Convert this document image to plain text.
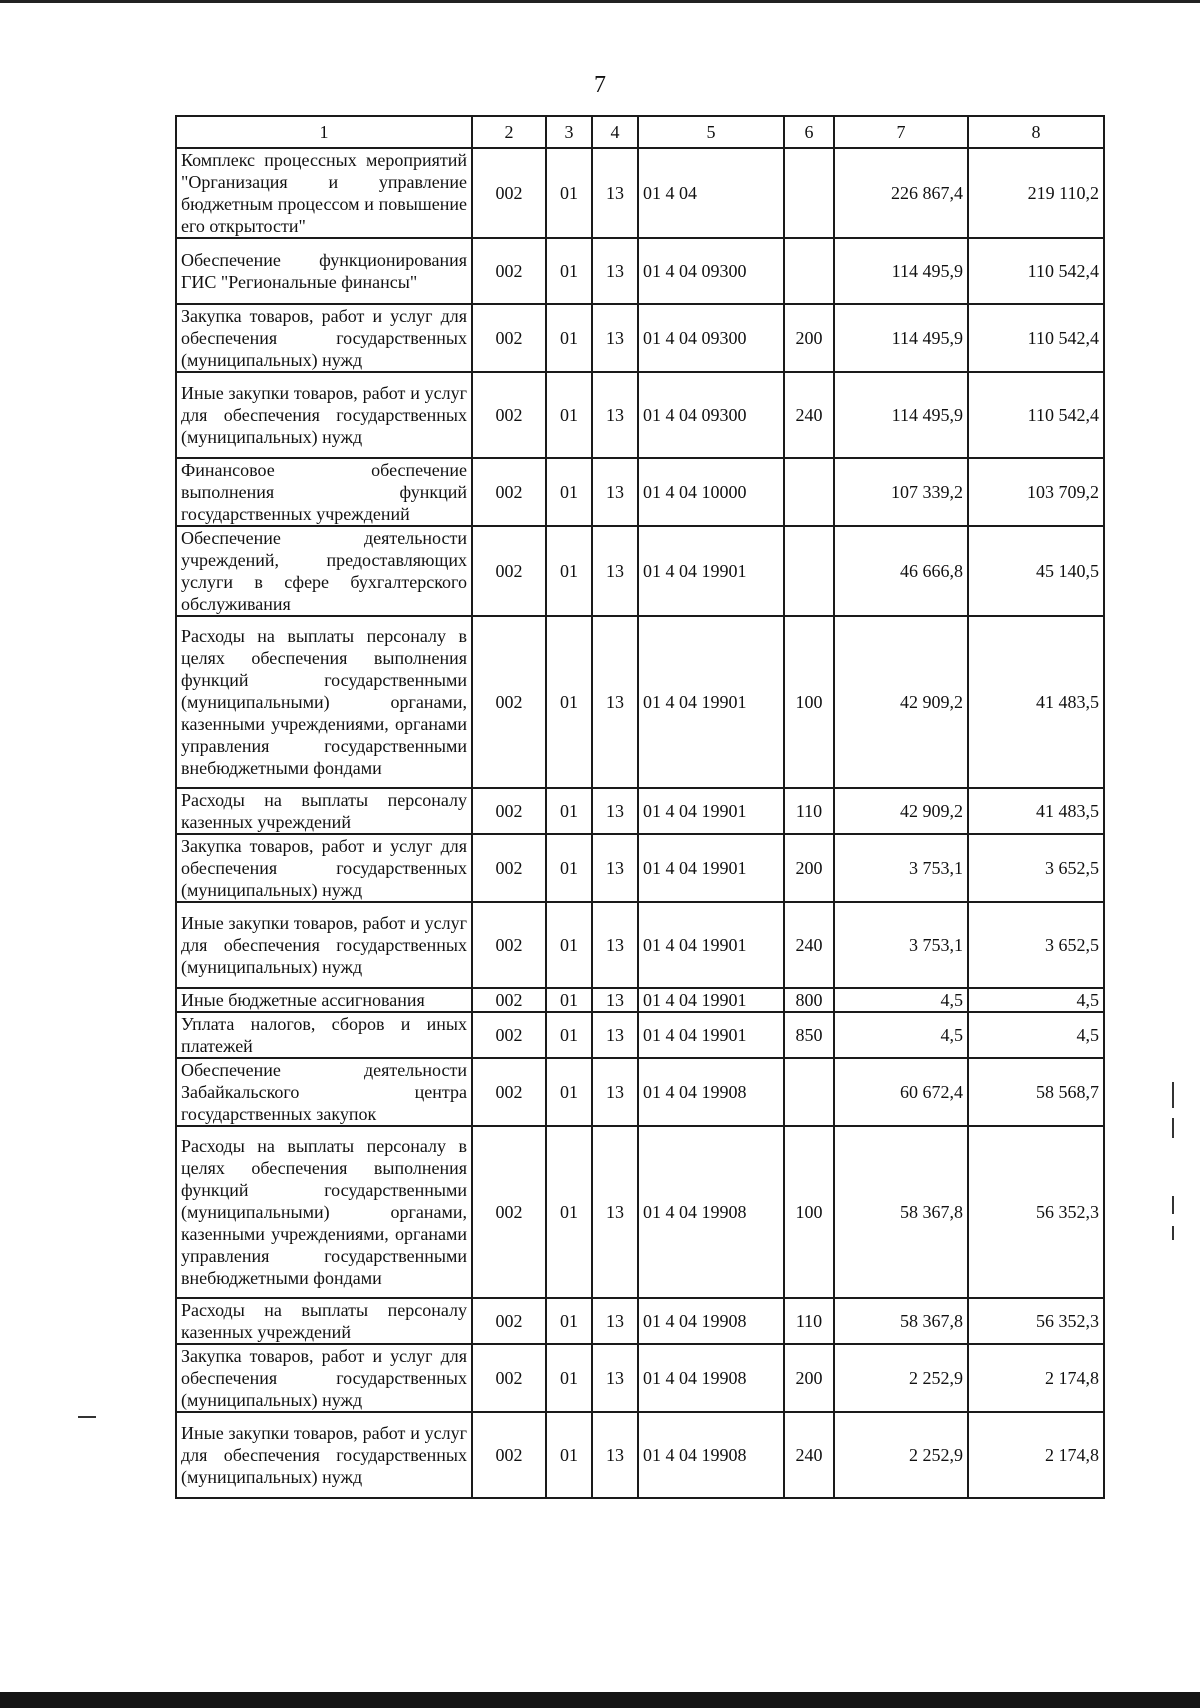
7
1	2	3	4	5	6	7	8
Комплекс процессных мероприятий "Организация и управление бюджетным процессом и повышение его открытости"	002	01	13	01 4 04		226 867,4	219 110,2
Обеспечение функционирования ГИС "Региональные финансы"	002	01	13	01 4 04 09300		114 495,9	110 542,4
Закупка товаров, работ и услуг для обеспечения государственных (муниципальных) нужд	002	01	13	01 4 04 09300	200	114 495,9	110 542,4
Иные закупки товаров, работ и услуг для обеспечения государственных (муниципальных) нужд	002	01	13	01 4 04 09300	240	114 495,9	110 542,4
Финансовое обеспечение выполнения функций государственных учреждений	002	01	13	01 4 04 10000		107 339,2	103 709,2
Обеспечение деятельности учреждений, предоставляющих услуги в сфере бухгалтерского обслуживания	002	01	13	01 4 04 19901		46 666,8	45 140,5
Расходы на выплаты персоналу в целях обеспечения выполнения функций государственными (муниципальными) органами, казенными учреждениями, органами управления государственными внебюджетными фондами	002	01	13	01 4 04 19901	100	42 909,2	41 483,5
Расходы на выплаты персоналу казенных учреждений	002	01	13	01 4 04 19901	110	42 909,2	41 483,5
Закупка товаров, работ и услуг для обеспечения государственных (муниципальных) нужд	002	01	13	01 4 04 19901	200	3 753,1	3 652,5
Иные закупки товаров, работ и услуг для обеспечения государственных (муниципальных) нужд	002	01	13	01 4 04 19901	240	3 753,1	3 652,5
Иные бюджетные ассигнования	002	01	13	01 4 04 19901	800	4,5	4,5
Уплата налогов, сборов и иных платежей	002	01	13	01 4 04 19901	850	4,5	4,5
Обеспечение деятельности Забайкальского центра государственных закупок	002	01	13	01 4 04 19908		60 672,4	58 568,7
Расходы на выплаты персоналу в целях обеспечения выполнения функций государственными (муниципальными) органами, казенными учреждениями, органами управления государственными внебюджетными фондами	002	01	13	01 4 04 19908	100	58 367,8	56 352,3
Расходы на выплаты персоналу казенных учреждений	002	01	13	01 4 04 19908	110	58 367,8	56 352,3
Закупка товаров, работ и услуг для обеспечения государственных (муниципальных) нужд	002	01	13	01 4 04 19908	200	2 252,9	2 174,8
Иные закупки товаров, работ и услуг для обеспечения государственных (муниципальных) нужд	002	01	13	01 4 04 19908	240	2 252,9	2 174,8
